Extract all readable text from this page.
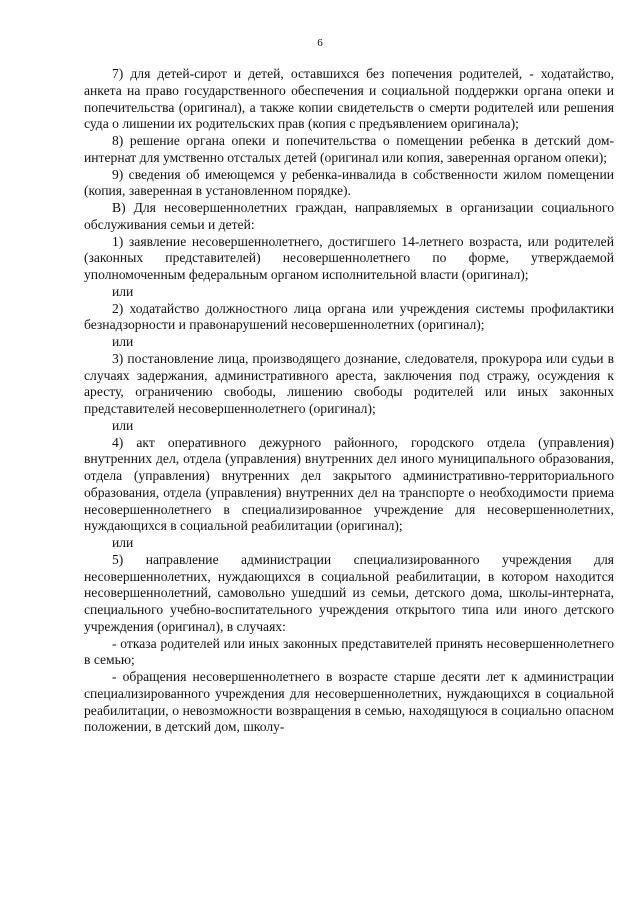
6

7) для детей-сирот и детей, оставшихся без попечения родителей, - ходатайство, анкета на право государственного обеспечения и социальной поддержки органа опеки и попечительства (оригинал), а также копии свидетельств о смерти родителей или решения суда о лишении их родительских прав (копия с предъявлением оригинала);

8) решение органа опеки и попечительства о помещении ребенка в детский дом-интернат для умственно отсталых детей (оригинал или копия, заверенная органом опеки);

9) сведения об имеющемся у ребенка-инвалида в собственности жилом помещении (копия, заверенная в установленном порядке).

В) Для несовершеннолетних граждан, направляемых в организации социального обслуживания семьи и детей:

1) заявление несовершеннолетнего, достигшего 14-летнего возраста, или родителей (законных представителей) несовершеннолетнего по форме, утверждаемой уполномоченным федеральным органом исполнительной власти (оригинал);

или

2) ходатайство должностного лица органа или учреждения системы профилактики безнадзорности и правонарушений несовершеннолетних (оригинал);

или

3) постановление лица, производящего дознание, следователя, прокурора или судьи в случаях задержания, административного ареста, заключения под стражу, осуждения к аресту, ограничению свободы, лишению свободы родителей или иных законных представителей несовершеннолетнего (оригинал);

или

4) акт оперативного дежурного районного, городского отдела (управления) внутренних дел, отдела (управления) внутренних дел иного муниципального образования, отдела (управления) внутренних дел закрытого административно-территориального образования, отдела (управления) внутренних дел на транспорте о необходимости приема несовершеннолетнего в специализированное учреждение для несовершеннолетних, нуждающихся в социальной реабилитации (оригинал);

или

5) направление администрации специализированного учреждения для несовершеннолетних, нуждающихся в социальной реабилитации, в котором находится несовершеннолетний, самовольно ушедший из семьи, детского дома, школы-интерната, специального учебно-воспитательного учреждения открытого типа или иного детского учреждения (оригинал), в случаях:

- отказа родителей или иных законных представителей принять несовершеннолетнего в семью;

- обращения несовершеннолетнего в возрасте старше десяти лет к администрации специализированного учреждения для несовершеннолетних, нуждающихся в социальной реабилитации, о невозможности возвращения в семью, находящуюся в социально опасном положении, в детский дом, школу-
